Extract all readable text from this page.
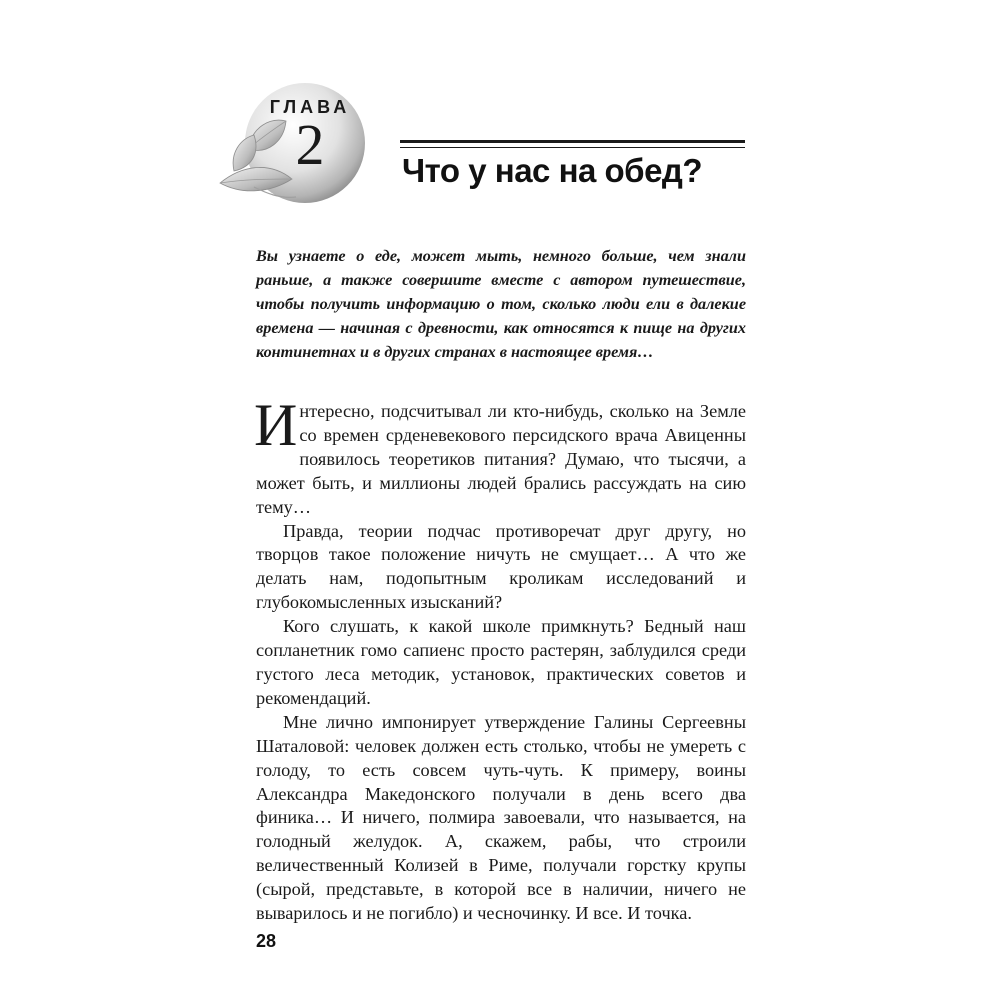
ГЛАВА
2	Что у нас на обед?

Вы узнаете о еде, может мыть, немного больше, чем знали раньше, а также совершите вместе с автором путешествие, чтобы получить информацию о том, сколько люди ели в далекие времена — начиная с древности, как относятся к пище на других континетнах и в других странах в настоящее время…

Интересно, подсчитывал ли кто-нибудь, сколько на Земле со времен срденевекового персидского врача Авиценны появилось теоретиков питания? Думаю, что тысячи, а может быть, и миллионы людей брались рассуждать на сию тему…

Правда, теории подчас противоречат друг другу, но творцов такое положение ничуть не смущает… А что же делать нам, подопытным кроликам исследований и глубокомысленных изысканий?

Кого слушать, к какой школе примкнуть? Бедный наш сопланетник гомо сапиенс просто растерян, заблудился среди густого леса методик, установок, практических советов и рекомендаций.

Мне лично импонирует утверждение Галины Сергеевны Шаталовой: человек должен есть столько, чтобы не умереть с голоду, то есть совсем чуть-чуть. К примеру, воины Александра Македонского получали в день всего два финика… И ничего, полмира завоевали, что называется, на голодный желудок. А, скажем, рабы, что строили величественный Колизей в Риме, получали горстку крупы (сырой, представьте, в которой все в наличии, ничего не выварилось и не погибло) и чесночинку. И все. И точка.

28
